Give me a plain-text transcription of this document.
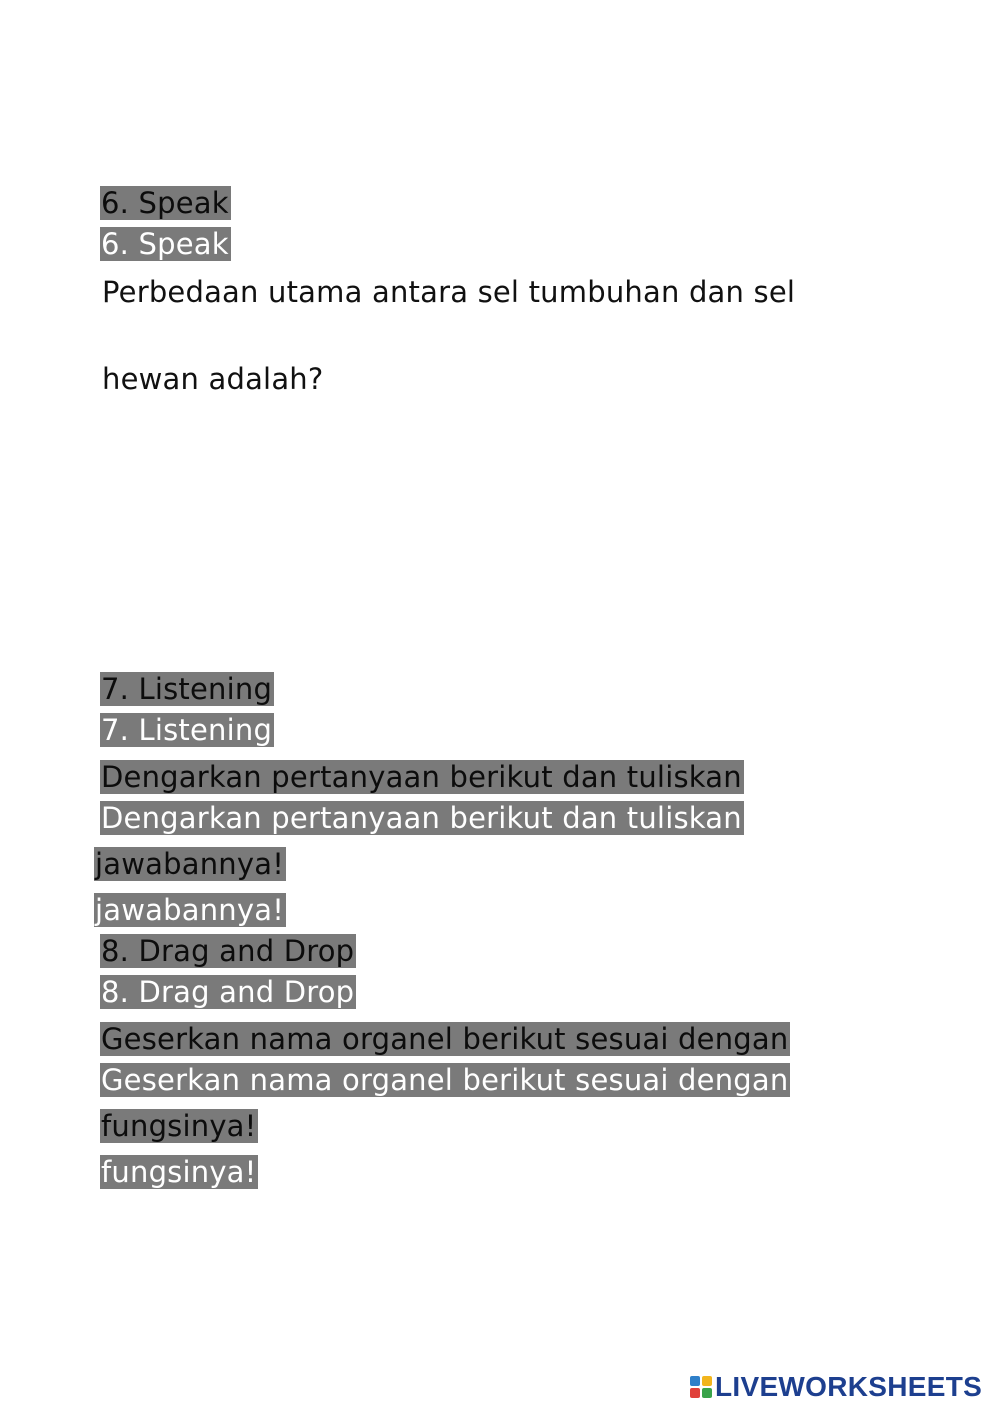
6. Speak
6. Speak
Perbedaan utama antara sel tumbuhan dan sel
hewan adalah?
7. Listening
7. Listening
Dengarkan pertanyaan berikut dan tuliskan
Dengarkan pertanyaan berikut dan tuliskan
jawabannya!
jawabannya!
8. Drag and Drop
8. Drag and Drop
Geserkan nama organel berikut sesuai dengan
Geserkan nama organel berikut sesuai dengan
fungsinya!
fungsinya!
LIVEWORKSHEETS
